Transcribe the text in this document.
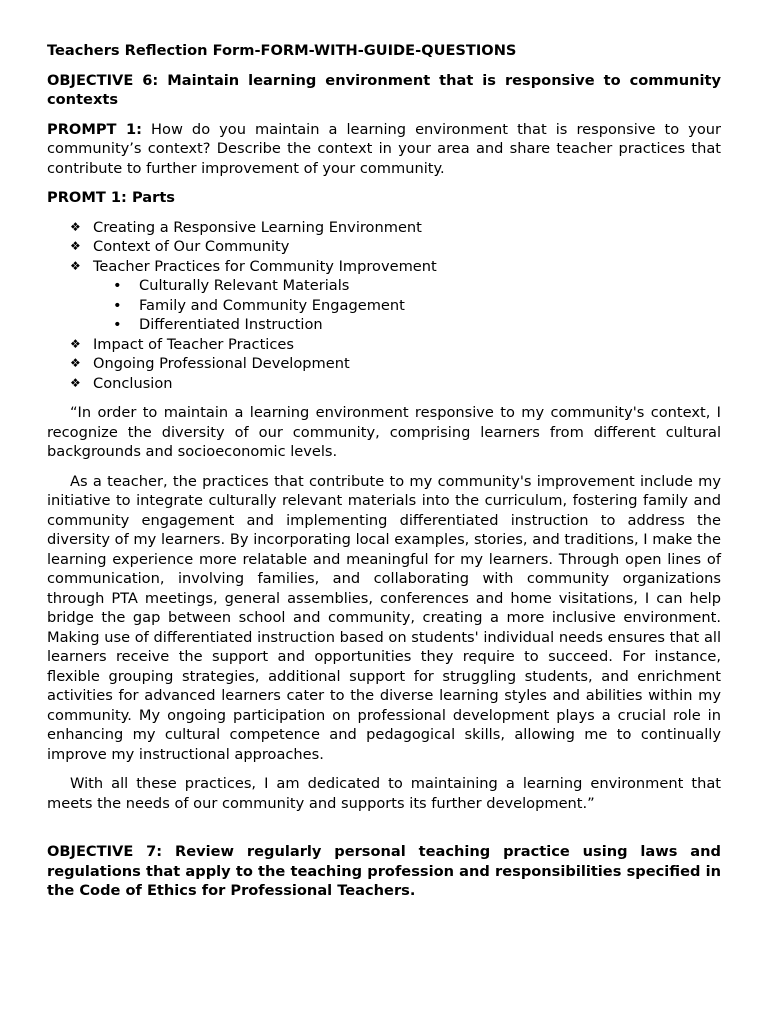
Teachers Reflection Form-FORM-WITH-GUIDE-QUESTIONS

OBJECTIVE 6: Maintain learning environment that is responsive to community contexts

PROMPT 1: How do you maintain a learning environment that is responsive to your community’s context? Describe the context in your area and share teacher practices that contribute to further improvement of your community.

PROMT 1: Parts

❖ Creating a Responsive Learning Environment
❖ Context of Our Community
❖ Teacher Practices for Community Improvement
• Culturally Relevant Materials
• Family and Community Engagement
• Differentiated Instruction
❖ Impact of Teacher Practices
❖ Ongoing Professional Development
❖ Conclusion

“In order to maintain a learning environment responsive to my community's context, I recognize the diversity of our community, comprising learners from different cultural backgrounds and socioeconomic levels.

As a teacher, the practices that contribute to my community's improvement include my initiative to integrate culturally relevant materials into the curriculum, fostering family and community engagement and implementing differentiated instruction to address the diversity of my learners. By incorporating local examples, stories, and traditions, I make the learning experience more relatable and meaningful for my learners. Through open lines of communication, involving families, and collaborating with community organizations through PTA meetings, general assemblies, conferences and home visitations, I can help bridge the gap between school and community, creating a more inclusive environment. Making use of differentiated instruction based on students' individual needs ensures that all learners receive the support and opportunities they require to succeed. For instance, flexible grouping strategies, additional support for struggling students, and enrichment activities for advanced learners cater to the diverse learning styles and abilities within my community. My ongoing participation on professional development plays a crucial role in enhancing my cultural competence and pedagogical skills, allowing me to continually improve my instructional approaches.

With all these practices, I am dedicated to maintaining a learning environment that meets the needs of our community and supports its further development.”

OBJECTIVE 7: Review regularly personal teaching practice using laws and regulations that apply to the teaching profession and responsibilities specified in the Code of Ethics for Professional Teachers.
